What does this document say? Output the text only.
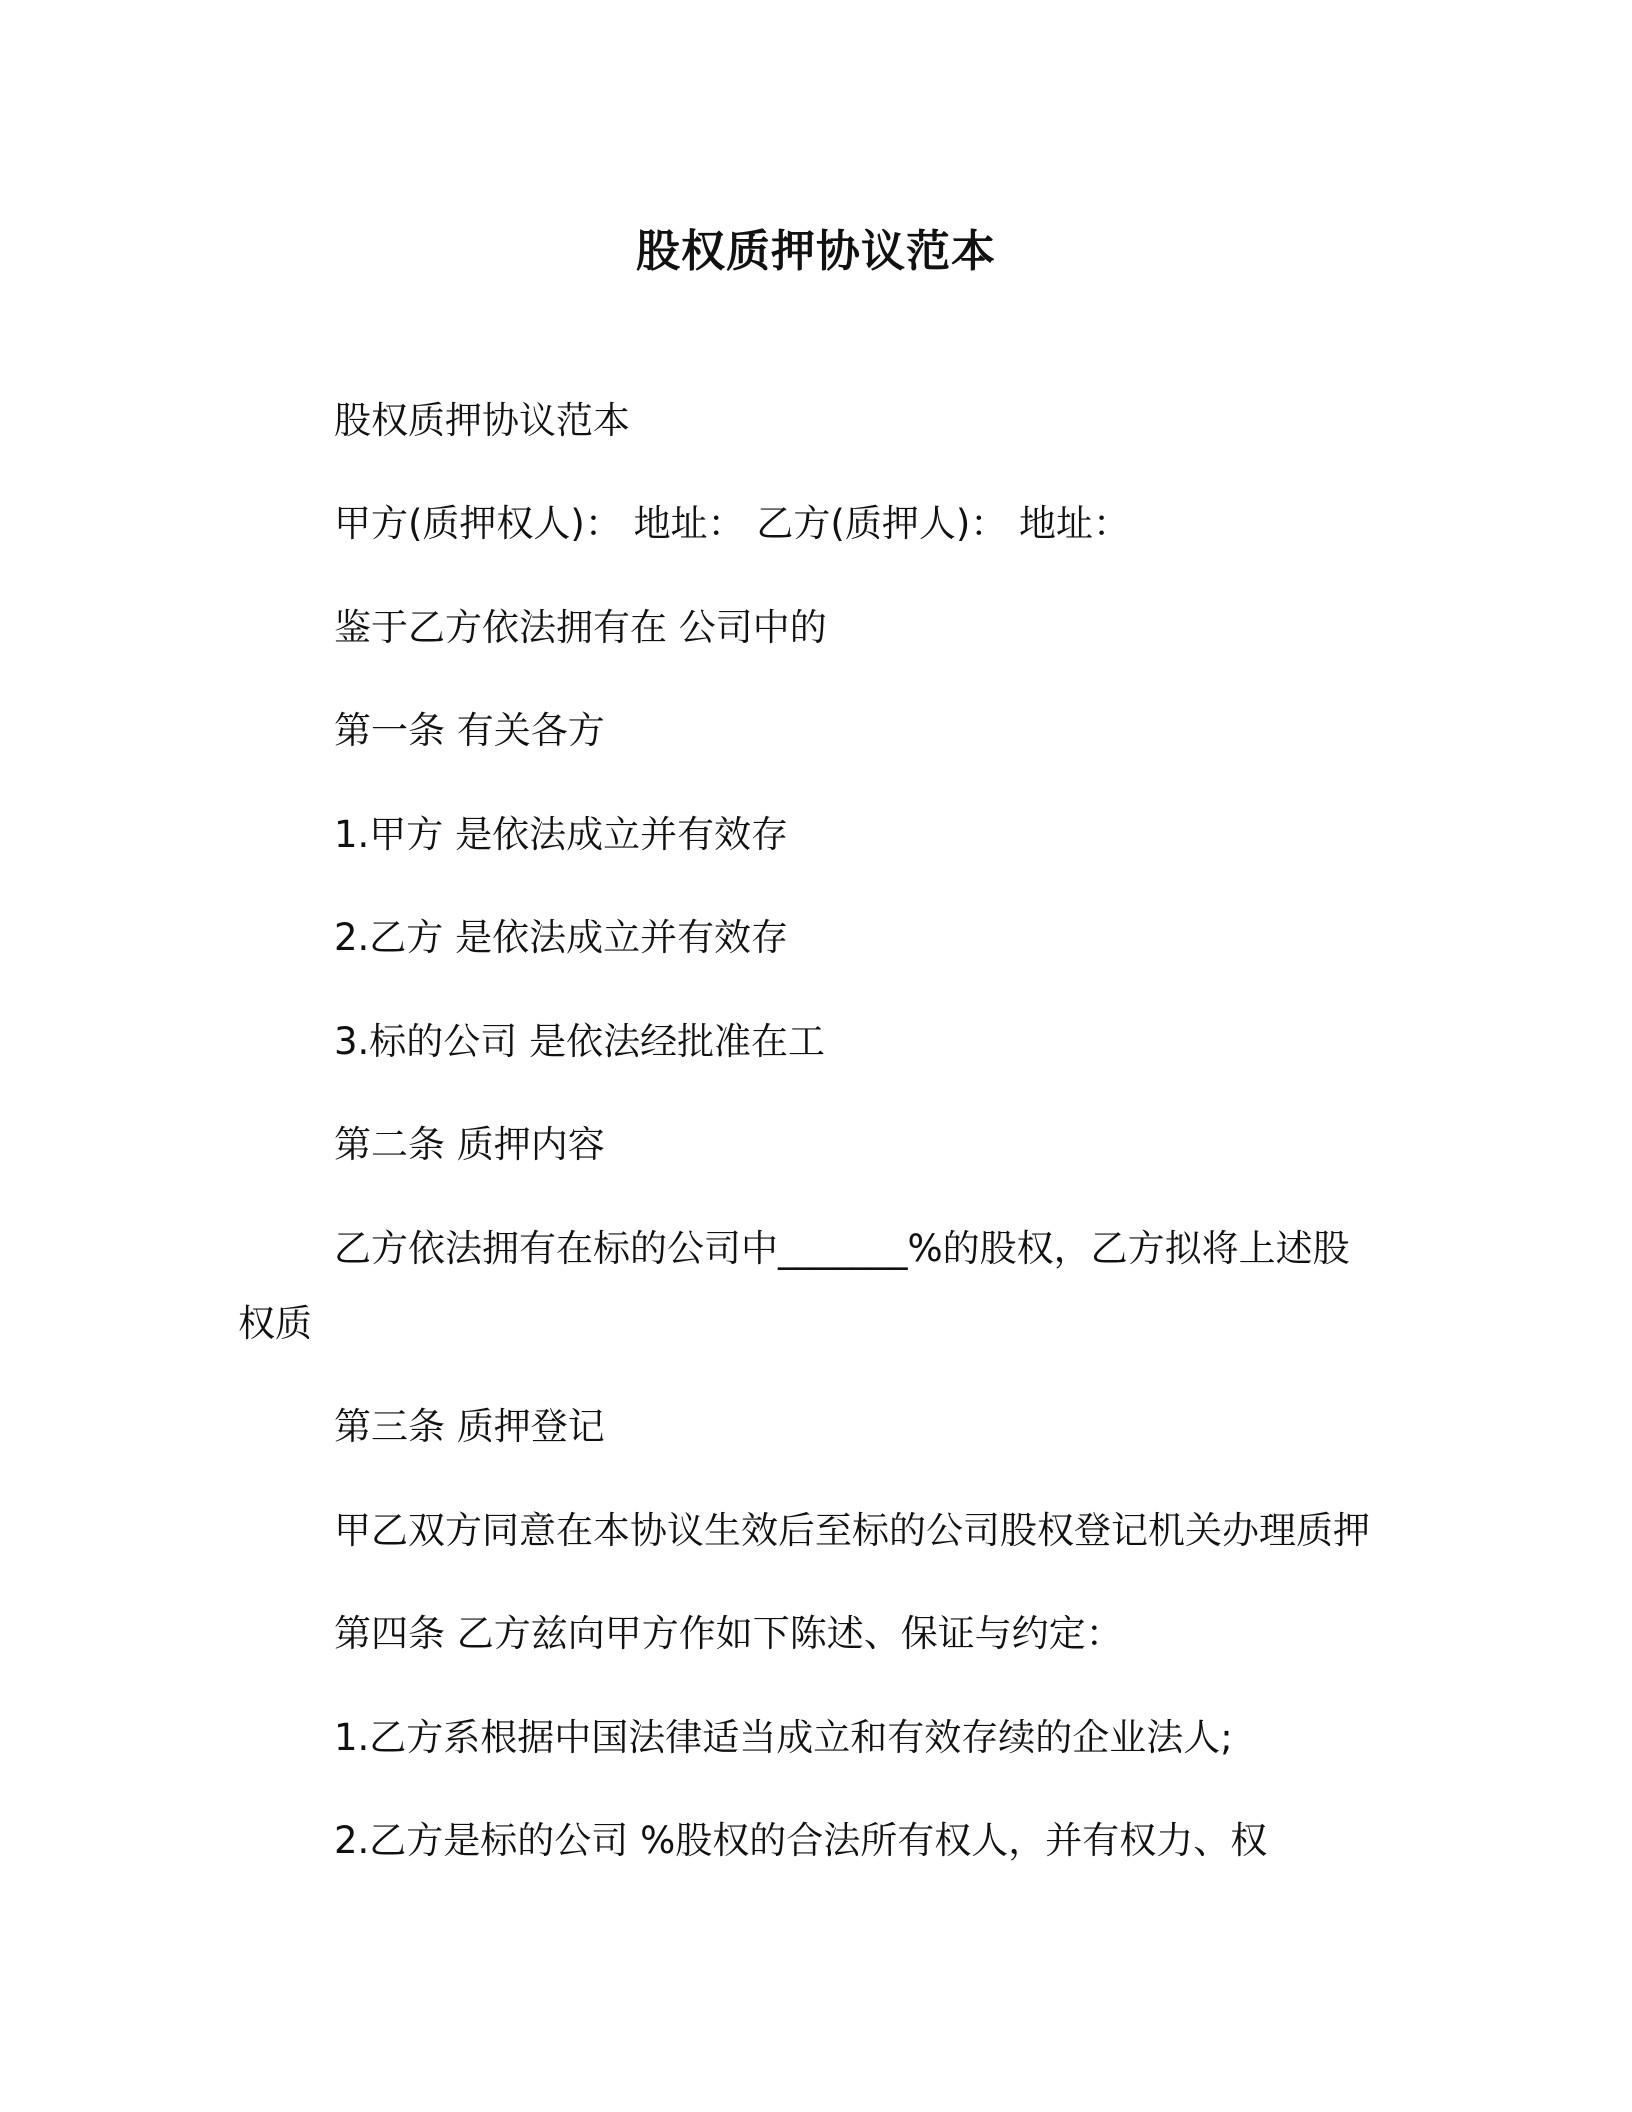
股权质押协议范本
股权质押协议范本
甲方(质押权人)： 地址： 乙方(质押人)： 地址：
鉴于乙方依法拥有在 公司中的
第一条 有关各方
1.甲方 是依法成立并有效存
2.乙方 是依法成立并有效存
3.标的公司 是依法经批准在工
第二条 质押内容
乙方依法拥有在标的公司中_______%的股权，乙方拟将上述股
权质
第三条 质押登记
甲乙双方同意在本协议生效后至标的公司股权登记机关办理质押
第四条 乙方兹向甲方作如下陈述、保证与约定：
1.乙方系根据中国法律适当成立和有效存续的企业法人;
2.乙方是标的公司 %股权的合法所有权人，并有权力、权
